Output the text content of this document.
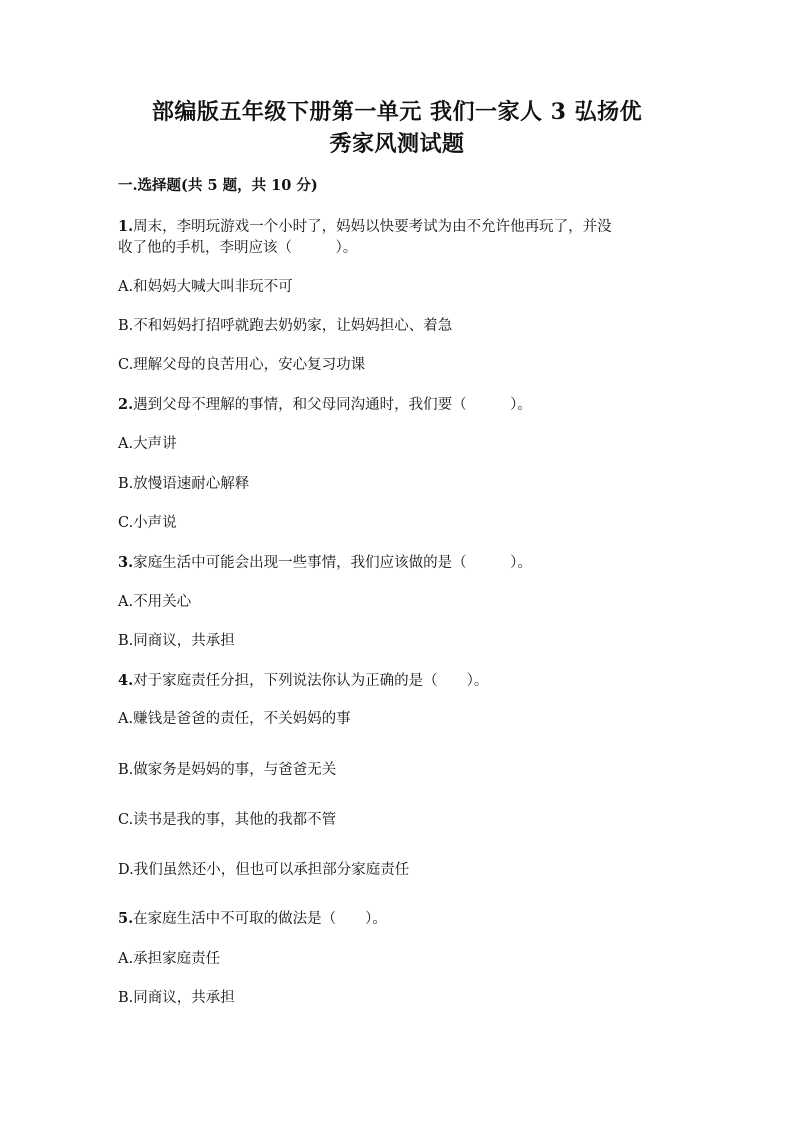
部编版五年级下册第一单元 我们一家人 3 弘扬优
秀家风测试题
一.选择题(共 5 题，共 10 分)
1.周末，李明玩游戏一个小时了，妈妈以快要考试为由不允许他再玩了，并没
收了他的手机，李明应该（　　　）。
A.和妈妈大喊大叫非玩不可
B.不和妈妈打招呼就跑去奶奶家，让妈妈担心、着急
C.理解父母的良苦用心，安心复习功课
2.遇到父母不理解的事情，和父母同沟通时，我们要（　　　）。
A.大声讲
B.放慢语速耐心解释
C.小声说
3.家庭生活中可能会出现一些事情，我们应该做的是（　　　）。
A.不用关心
B.同商议，共承担
4.对于家庭责任分担，下列说法你认为正确的是（　　）。
A.赚钱是爸爸的责任，不关妈妈的事
B.做家务是妈妈的事，与爸爸无关
C.读书是我的事，其他的我都不管
D.我们虽然还小，但也可以承担部分家庭责任
5.在家庭生活中不可取的做法是（　　）。
A.承担家庭责任
B.同商议，共承担
